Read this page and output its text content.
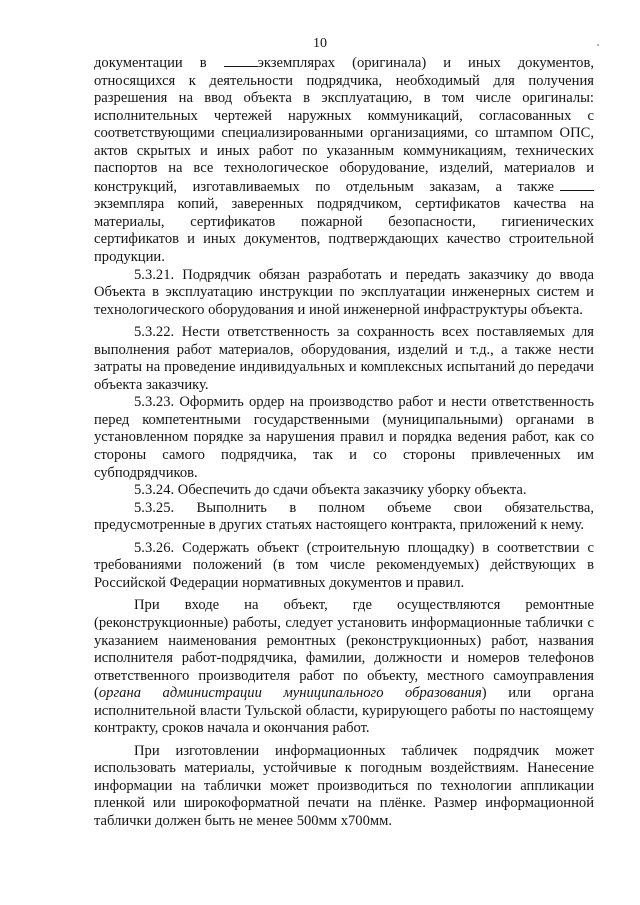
10

документации в экземплярах (оригинала) и иных документов, относящихся к деятельности подрядчика, необходимый для получения разрешения на ввод объекта в эксплуатацию, в том числе оригиналы: исполнительных чертежей наружных коммуникаций, согласованных с соответствующими специализированными организациями, со штампом ОПС, актов скрытых и иных работ по указанным коммуникациям, технических паспортов на все технологическое оборудование, изделий, материалов и конструкций, изготавливаемых по отдельным заказам, а также экземпляра копий, заверенных подрядчиком, сертификатов качества на материалы, сертификатов пожарной безопасности, гигиенических сертификатов и иных документов, подтверждающих качество строительной продукции.

5.3.21. Подрядчик обязан разработать и передать заказчику до ввода Объекта в эксплуатацию инструкции по эксплуатации инженерных систем и технологического оборудования и иной инженерной инфраструктуры объекта.

5.3.22. Нести ответственность за сохранность всех поставляемых для выполнения работ материалов, оборудования, изделий и т.д., а также нести затраты на проведение индивидуальных и комплексных испытаний до передачи объекта заказчику.

5.3.23. Оформить ордер на производство работ и нести ответственность перед компетентными государственными (муниципальными) органами в установленном порядке за нарушения правил и порядка ведения работ, как со стороны самого подрядчика, так и со стороны привлеченных им субподрядчиков.

5.3.24. Обеспечить до сдачи объекта заказчику уборку объекта.

5.3.25. Выполнить в полном объеме свои обязательства, предусмотренные в других статьях настоящего контракта, приложений к нему.

5.3.26. Содержать объект (строительную площадку) в соответствии с требованиями положений (в том числе рекомендуемых) действующих в Российской Федерации нормативных документов и правил.

При входе на объект, где осуществляются ремонтные (реконструкционные) работы, следует установить информационные таблички с указанием наименования ремонтных (реконструкционных) работ, названия исполнителя работ-подрядчика, фамилии, должности и номеров телефонов ответственного производителя работ по объекту, местного самоуправления (органа администрации муниципального образования) или органа исполнительной власти Тульской области, курирующего работы по настоящему контракту, сроков начала и окончания работ.

При изготовлении информационных табличек подрядчик может использовать материалы, устойчивые к погодным воздействиям. Нанесение информации на таблички может производиться по технологии аппликации пленкой или широкоформатной печати на плёнке. Размер информационной таблички должен быть не менее 500мм х700мм.
